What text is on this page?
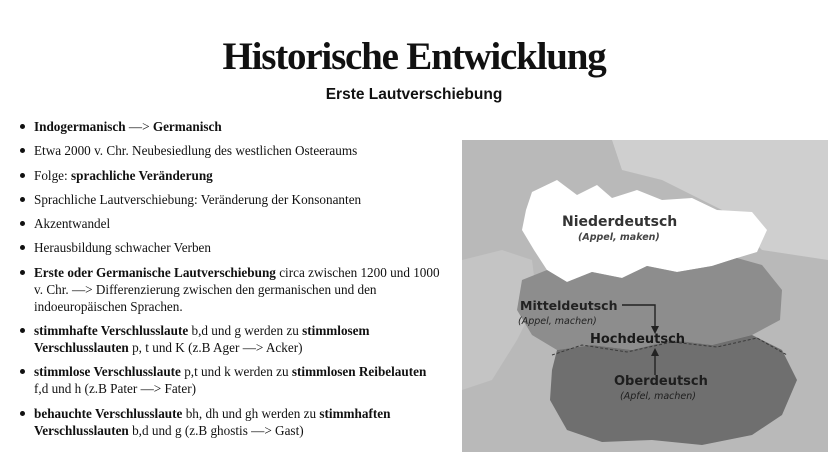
Historische Entwicklung
Erste Lautverschiebung
Indogermanisch —> Germanisch
Etwa 2000 v. Chr. Neubesiedlung des westlichen Osteeraums
Folge: sprachliche Veränderung
Sprachliche Lautverschiebung: Veränderung der Konsonanten
Akzentwandel
Herausbildung schwacher Verben
Erste oder Germanische Lautverschiebung circa zwischen 1200 und 1000 v. Chr. —> Differenzierung zwischen den germanischen und den indoeuropäischen Sprachen.
stimmhafte Verschlusslaute b,d und g werden zu stimmlosem Verschlusslauten p, t und K (z.B Ager —> Acker)
stimmlose Verschlusslaute p,t und k werden zu stimmlosen Reibelauten f,d und h (z.B Pater —> Fater)
behauchte Verschlusslaute bh, dh und gh werden zu stimmhaften Verschlusslauten b,d und g (z.B ghostis —> Gast)
Niederdeutsch
(Appel, maken)
Mitteldeutsch
(Appel, machen)
Hochdeutsch
Oberdeutsch
(Apfel, machen)
